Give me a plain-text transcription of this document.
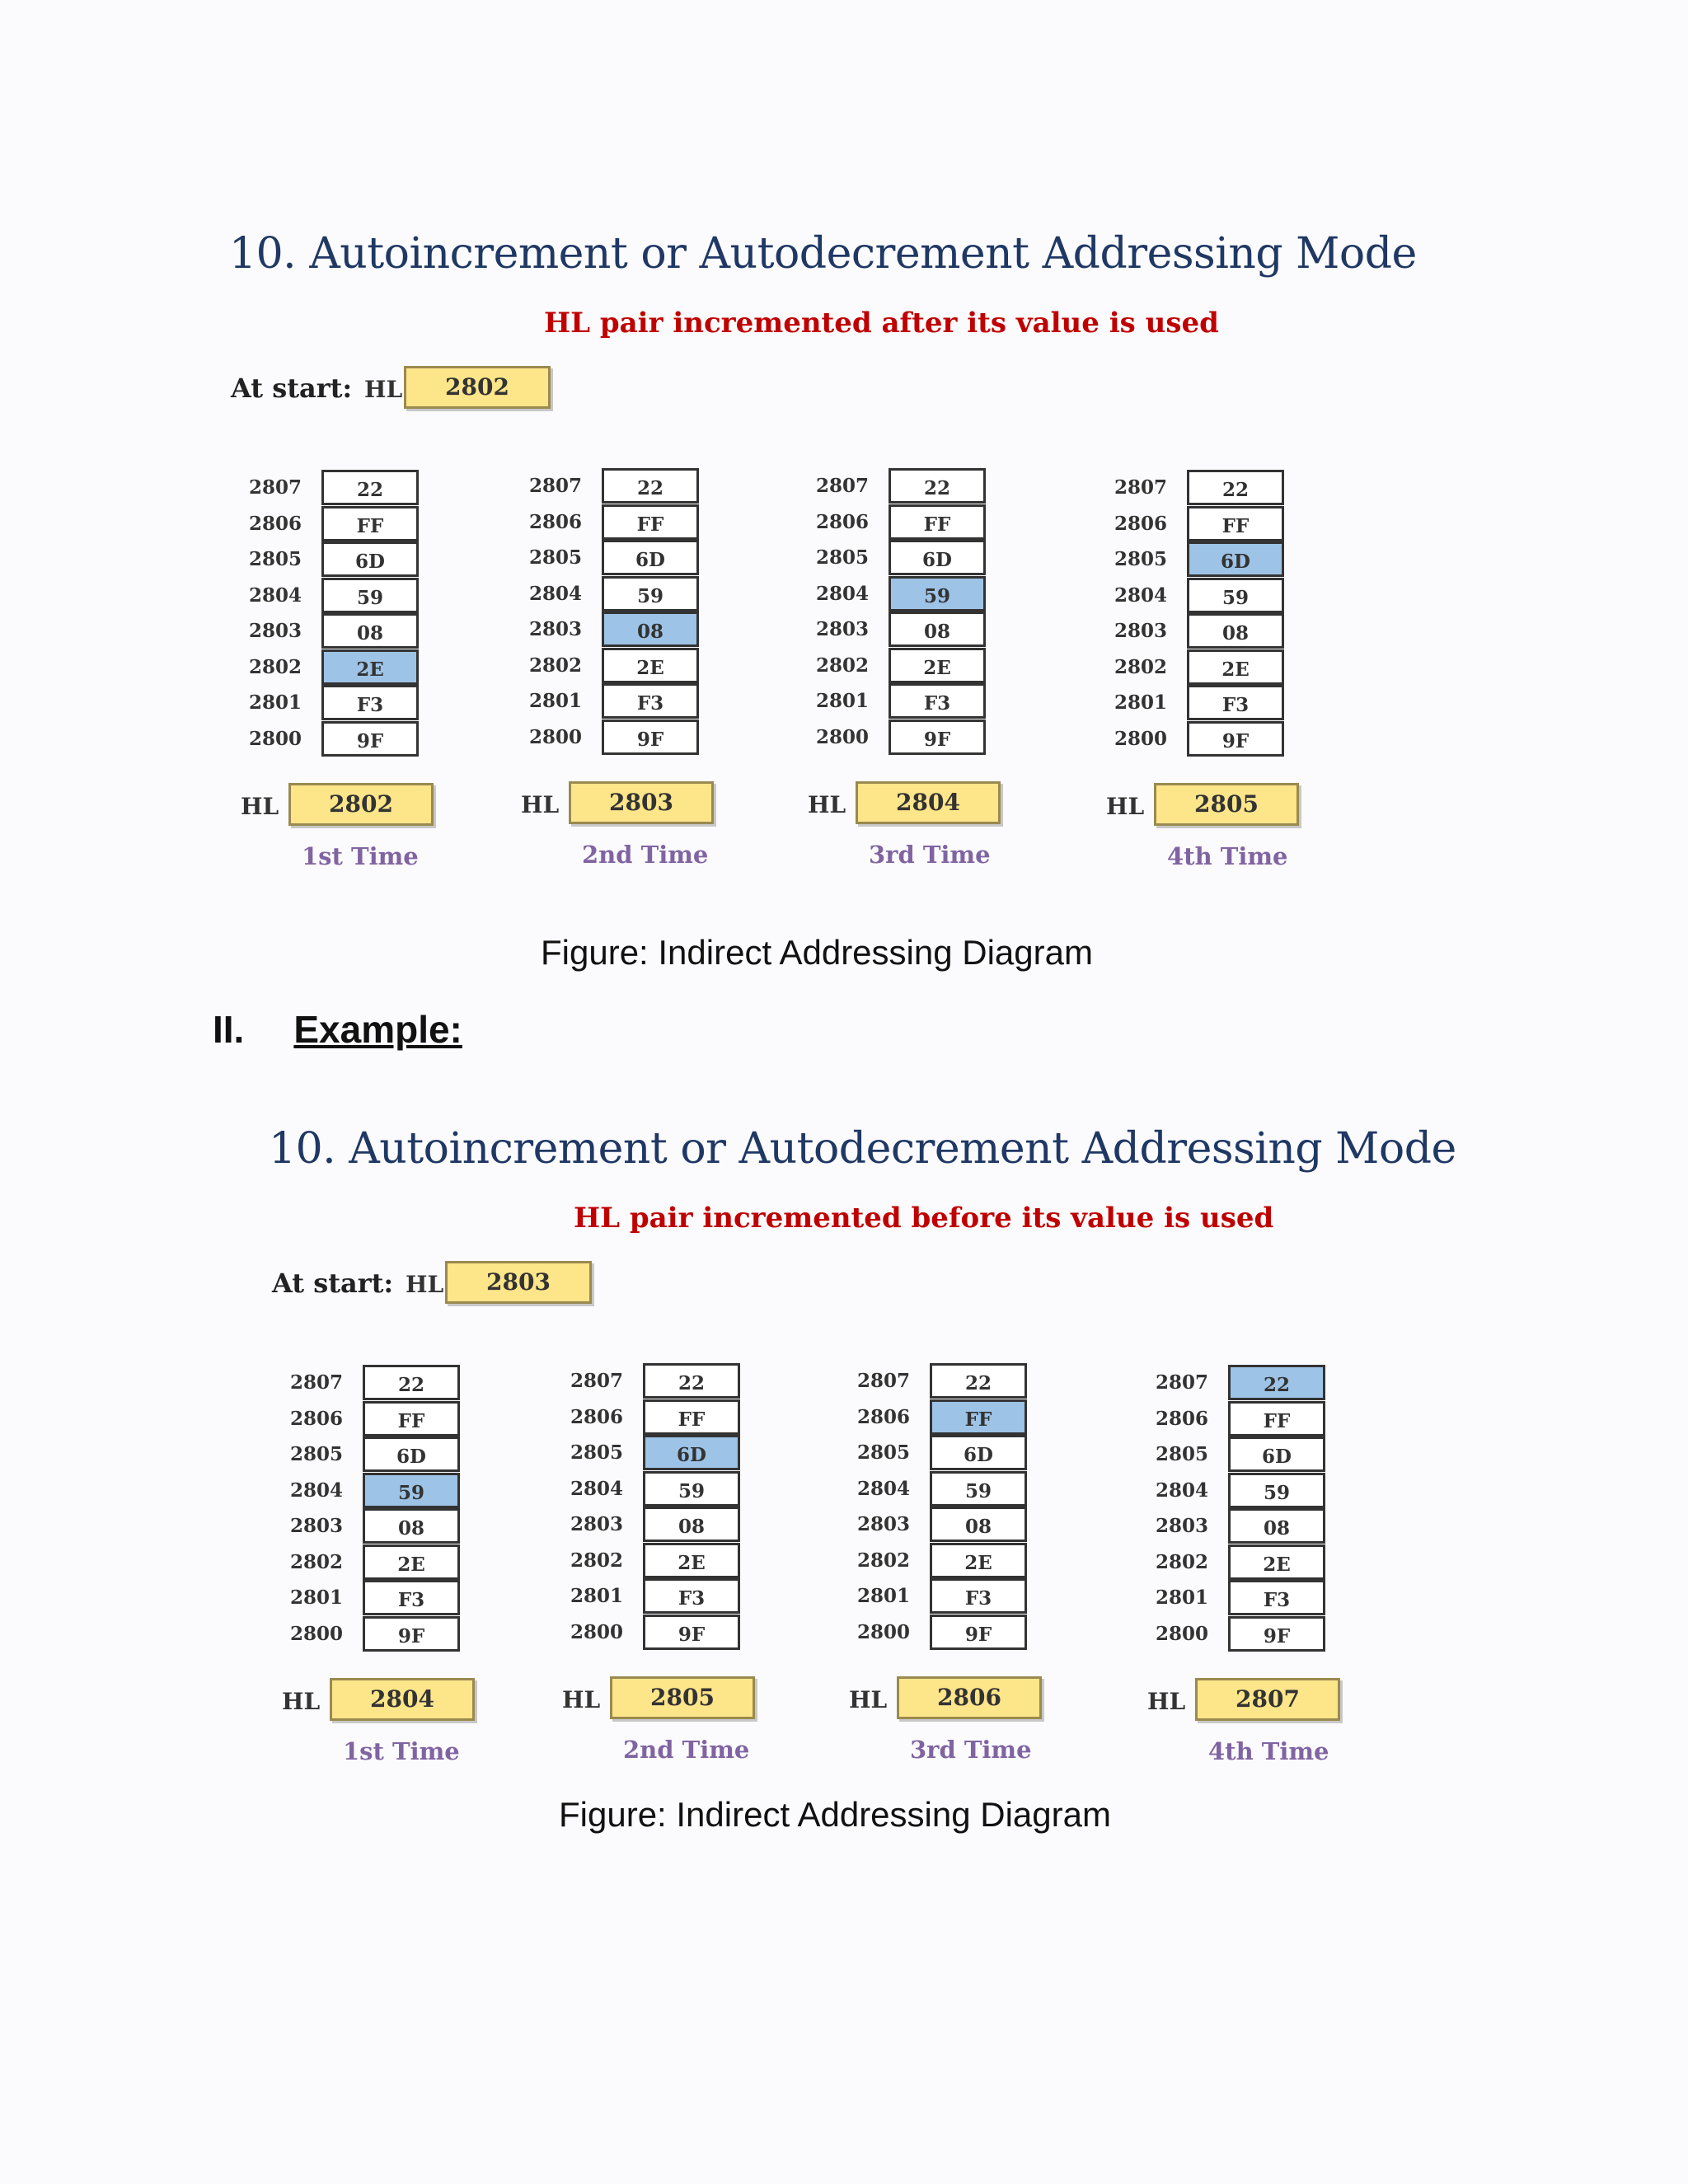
10. Autoincrement or Autodecrement Addressing Mode
HL pair incremented after its value is used
At start: HL	2802
2807	22
2806	FF
2805	6D
2804	59
2803	08
2802	2E
2801	F3
2800	9F
HL	2802
1st Time
2807	22
2806	FF
2805	6D
2804	59
2803	08
2802	2E
2801	F3
2800	9F
HL	2803
2nd Time
2807	22
2806	FF
2805	6D
2804	59
2803	08
2802	2E
2801	F3
2800	9F
HL	2804
3rd Time
2807	22
2806	FF
2805	6D
2804	59
2803	08
2802	2E
2801	F3
2800	9F
HL	2805
4th Time
Figure: Indirect Addressing Diagram
II. Example:
10. Autoincrement or Autodecrement Addressing Mode
HL pair incremented before its value is used
At start: HL	2803
2807	22
2806	FF
2805	6D
2804	59
2803	08
2802	2E
2801	F3
2800	9F
HL	2804
1st Time
2807	22
2806	FF
2805	6D
2804	59
2803	08
2802	2E
2801	F3
2800	9F
HL	2805
2nd Time
2807	22
2806	FF
2805	6D
2804	59
2803	08
2802	2E
2801	F3
2800	9F
HL	2806
3rd Time
2807	22
2806	FF
2805	6D
2804	59
2803	08
2802	2E
2801	F3
2800	9F
HL	2807
4th Time
Figure: Indirect Addressing Diagram
